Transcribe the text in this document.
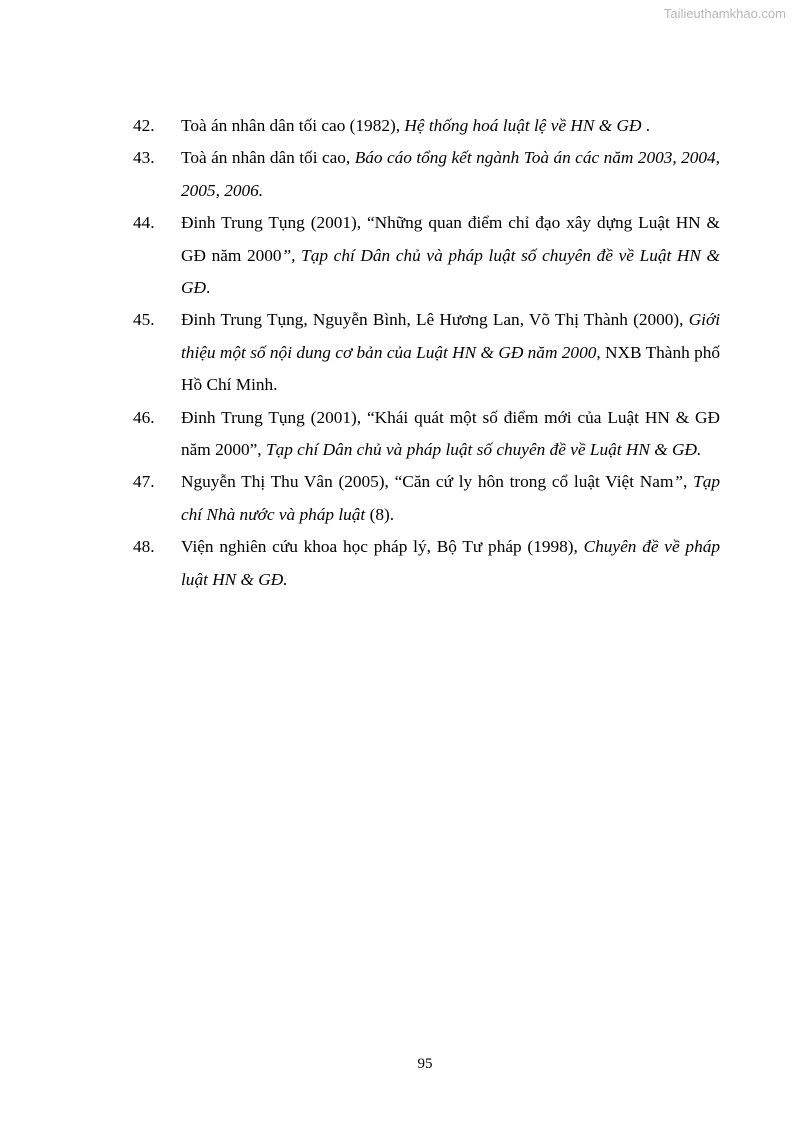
Tailieuthamkhao.com
42. Toà án nhân dân tối cao (1982), Hệ thống hoá luật lệ về HN & GĐ .
43. Toà án nhân dân tối cao, Báo cáo tổng kết ngành Toà án các năm 2003, 2004, 2005, 2006.
44. Đinh Trung Tụng (2001), “Những quan điểm chỉ đạo xây dựng Luật HN & GĐ năm 2000”, Tạp chí Dân chủ và pháp luật số chuyên đề về Luật HN & GĐ.
45. Đinh Trung Tụng, Nguyễn Bình, Lê Hương Lan, Võ Thị Thành (2000), Giới thiệu một số nội dung cơ bản của Luật HN & GĐ năm 2000, NXB Thành phố Hồ Chí Minh.
46. Đinh Trung Tụng (2001), “Khái quát một số điểm mới của Luật HN & GĐ năm 2000”, Tạp chí Dân chủ và pháp luật số chuyên đề về Luật HN & GĐ.
47. Nguyễn Thị Thu Vân (2005), “Căn cứ ly hôn trong cổ luật Việt Nam”, Tạp chí Nhà nước và pháp luật (8).
48. Viện nghiên cứu khoa học pháp lý, Bộ Tư pháp (1998), Chuyên đề về pháp luật HN & GĐ.
95
